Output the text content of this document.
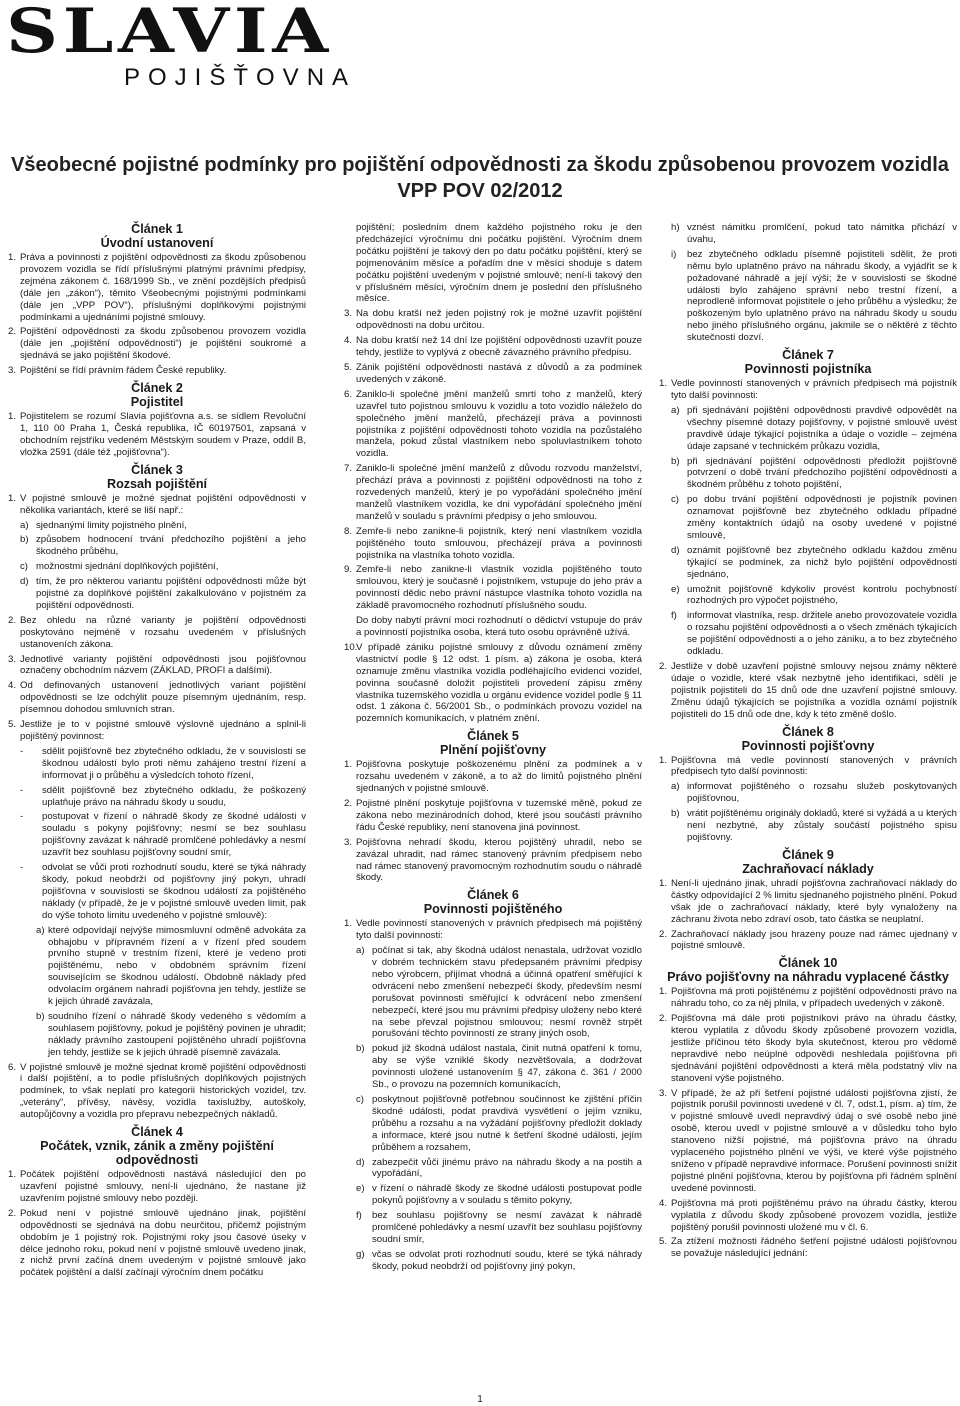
SLAVIA
POJIŠŤOVNA
Všeobecné pojistné podmínky pro pojištění odpovědnosti za škodu způsobenou provozem vozidla
VPP POV 02/2012
Článek 1
Úvodní ustanovení
1. Práva a povinnosti z pojištění odpovědnosti za škodu způsobenou provozem vozidla se řídí příslušnými platnými právními předpisy, zejména zákonem č. 168/1999 Sb., ve znění pozdějších předpisů (dále jen „zákon“), těmito Všeobecnými pojistnými podmínkami (dále jen „VPP POV“), příslušnými doplňkovými pojistnými podmínkami a ujednáními pojistné smlouvy.
2. Pojištění odpovědnosti za škodu způsobenou provozem vozidla (dále jen „pojištění odpovědnosti“) je pojištění soukromé a sjednává se jako pojištění škodové.
3. Pojištění se řídí právním řádem České republiky.
Článek 2
Pojistitel
1. Pojistitelem se rozumí Slavia pojišťovna a.s. se sídlem Revoluční 1, 110 00 Praha 1, Česká republika, IČ 60197501, zapsaná v obchodním rejstříku vedeném Městským soudem v Praze, oddíl B, vložka 2591 (dále též „pojišťovna“).
Článek 3
Rozsah pojištění
1. V pojistné smlouvě je možné sjednat pojištění odpovědnosti v několika variantách, které se liší např.:
a) sjednanými limity pojistného plnění,
b) způsobem hodnocení trvání předchozího pojištění a jeho škodného průběhu,
c) možnostmi sjednání doplňkových pojištění,
d) tím, že pro některou variantu pojištění odpovědnosti může být pojistné za doplňkové pojištění zakalkulováno v pojistném za pojištění odpovědnosti.
2. Bez ohledu na různé varianty je pojištění odpovědnosti poskytováno nejméně v rozsahu uvedeném v příslušných ustanoveních zákona.
3. Jednotlivé varianty pojištění odpovědnosti jsou pojišťovnou označeny obchodním názvem (ZÁKLAD, PROFI a dalšími).
4. Od definovaných ustanovení jednotlivých variant pojištění odpovědnosti se lze odchýlit pouze písemným ujednáním, resp. písemnou dohodou smluvních stran.
5. Jestliže je to v pojistné smlouvě výslovně ujednáno a splnil-li pojištěný povinnost:
- sdělit pojišťovně bez zbytečného odkladu, že v souvislosti se škodnou událostí bylo proti němu zahájeno trestní řízení a informovat ji o průběhu a výsledcích tohoto řízení,
- sdělit pojišťovně bez zbytečného odkladu, že poškozený uplatňuje právo na náhradu škody u soudu,
- postupovat v řízení o náhradě škody ze škodné události v souladu s pokyny pojišťovny; nesmí se bez souhlasu pojišťovny zavázat k náhradě promlčené pohledávky a nesmí uzavřít bez souhlasu pojišťovny soudní smír,
- odvolat se vůči proti rozhodnutí soudu, které se týká náhrady škody, pokud neobdrží od pojišťovny jiný pokyn, uhradí pojišťovna v souvislosti se škodnou událostí za pojištěného náklady (v případě, že je v pojistné smlouvě uveden limit, pak do výše tohoto limitu uvedeného v pojistné smlouvě):
a) které odpovídají nejvýše mimosmluvní odměně advokáta za obhajobu v přípravném řízení a v řízení před soudem prvního stupně v trestním řízení, které je vedeno proti pojištěnému, nebo v obdobném správním řízení souvisejícím se škodnou událostí. Obdobně náklady před odvolacím orgánem nahradí pojišťovna jen tehdy, jestliže se k jejich úhradě zavázala,
b) soudního řízení o náhradě škody vedeného s vědomím a souhlasem pojišťovny, pokud je pojištěný povinen je uhradit; náklady právního zastoupení pojištěného uhradí pojišťovna jen tehdy, jestliže se k jejich úhradě písemně zavázala.
6. V pojistné smlouvě je možné sjednat kromě pojištění odpovědnosti i další pojištění, a to podle příslušných doplňkových pojistných podmínek, to však neplatí pro kategorii historických vozidel, tzv. „veterány“, přívěsy, návěsy, vozidla taxislužby, autoškoly, autopůjčovny a vozidla pro přepravu nebezpečných nákladů.
Článek 4
Počátek, vznik, zánik a změny pojištění odpovědnosti
1. Počátek pojištění odpovědnosti nastává následující den po uzavření pojistné smlouvy, není-li ujednáno, že nastane již uzavřením pojistné smlouvy nebo později.
2. Pokud není v pojistné smlouvě ujednáno jinak, pojištění odpovědnosti se sjednává na dobu neurčitou, přičemž pojistným obdobím je 1 pojistný rok. Pojistnými roky jsou časové úseky v délce jednoho roku, pokud není v pojistné smlouvě uvedeno jinak, z nichž první začíná dnem uvedeným v pojistné smlouvě jako počátek pojištění a další začínají výročním dnem počátku
pojištění; posledním dnem každého pojistného roku je den předcházející výročnímu dni počátku pojištění. Výročním dnem počátku pojištění je takový den po datu počátku pojištění, který se pojmenováním měsíce a pořadím dne v měsíci shoduje s datem počátku pojištění uvedeným v pojistné smlouvě; není-li takový den v příslušném měsíci, výročním dnem je poslední den příslušného měsíce.
3. Na dobu kratší než jeden pojistný rok je možné uzavřít pojištění odpovědnosti na dobu určitou.
4. Na dobu kratší než 14 dní lze pojištění odpovědnosti uzavřít pouze tehdy, jestliže to vyplývá z obecně závazného právního předpisu.
5. Zánik pojištění odpovědnosti nastává z důvodů a za podmínek uvedených v zákoně.
6. Zaniklo-li společné jmění manželů smrtí toho z manželů, který uzavřel tuto pojistnou smlouvu k vozidlu a toto vozidlo náleželo do společného jmění manželů, přecházejí práva a povinnosti pojistníka z pojištění odpovědnosti tohoto vozidla na pozůstalého manžela, pokud zůstal vlastníkem nebo spoluvlastníkem tohoto vozidla.
7. Zaniklo-li společné jmění manželů z důvodu rozvodu manželství, přechází práva a povinnosti z pojištění odpovědnosti na toho z rozvedených manželů, který je po vypořádání společného jmění manželů vlastníkem vozidla, ke dni vypořádání společného jmění manželů v souladu s právními předpisy o jeho smlouvou.
8. Zemře-li nebo zanikne-li pojistník, který není vlastníkem vozidla pojištěného touto smlouvou, přecházejí práva a povinnosti pojistníka na vlastníka tohoto vozidla.
9. Zemře-li nebo zanikne-li vlastník vozidla pojištěného touto smlouvou, který je současně i pojistníkem, vstupuje do jeho práv a povinností dědic nebo právní nástupce vlastníka tohoto vozidla na základě pravomocného rozhodnutí příslušného soudu.
Do doby nabytí právní moci rozhodnutí o dědictví vstupuje do práv a povinností pojistníka osoba, která tuto osobu oprávněně užívá.
10.
V případě zániku pojistné smlouvy z důvodu oznámení změny vlastnictví podle § 12 odst. 1 písm. a) zákona je osoba, která oznamuje změnu vlastníka vozidla podléhajícího evidenci vozidel, povinna současně doložit pojistiteli provedení zápisu změny vlastníka tuzemského vozidla u orgánu evidence vozidel podle § 11 odst. 1 zákona č. 56/2001 Sb., o podmínkách provozu vozidel na pozemních komunikacích, v platném znění.
Článek 5
Plnění pojišťovny
1. Pojišťovna poskytuje poškozenému plnění za podmínek a v rozsahu uvedeném v zákoně, a to až do limitů pojistného plnění sjednaných v pojistné smlouvě.
2. Pojistné plnění poskytuje pojišťovna v tuzemské měně, pokud ze zákona nebo mezinárodních dohod, které jsou součástí právního řádu České republiky, není stanovena jiná povinnost.
3. Pojišťovna nehradí škodu, kterou pojištěný uhradil, nebo se zavázal uhradit, nad rámec stanovený právním předpisem nebo nad rámec stanovený pravomocným rozhodnutím soudu o náhradě škody.
Článek 6
Povinnosti pojištěného
1. Vedle povinností stanovených v právních předpisech má pojištěný tyto další povinnosti:
a) počínat si tak, aby škodná událost nenastala, udržovat vozidlo v dobrém technickém stavu předepsaném právními předpisy nebo výrobcem, přijímat vhodná a účinná opatření směřující k odvrácení nebo zmenšení nebezpečí škody, především nesmí porušovat povinnosti směřující k odvrácení nebo zmenšení nebezpečí, které jsou mu právními předpisy uloženy nebo které na sebe převzal pojistnou smlouvou; nesmí rovněž strpět porušování těchto povinností ze strany jiných osob,
b) pokud již škodná událost nastala, činit nutná opatření k tomu, aby se výše vzniklé škody nezvětšovala, a dodržovat povinnosti uložené ustanovením § 47, zákona č. 361 / 2000 Sb., o provozu na pozemních komunikacích,
c) poskytnout pojišťovně potřebnou součinnost ke zjištění příčin škodné události, podat pravdivá vysvětlení o jejím vzniku, průběhu a rozsahu a na vyžádání pojišťovny předložit doklady a informace, které jsou nutné k šetření škodné události, jejím průběhem a rozsahem,
d) zabezpečit vůči jinému právo na náhradu škody a na postih a vypořádání,
e) v řízení o náhradě škody ze škodné události postupovat podle pokynů pojišťovny a v souladu s těmito pokyny,
f) bez souhlasu pojišťovny se nesmí zavázat k náhradě promlčené pohledávky a nesmí uzavřít bez souhlasu pojišťovny soudní smír,
g) včas se odvolat proti rozhodnutí soudu, které se týká náhrady škody, pokud neobdrží od pojišťovny jiný pokyn,
h) vznést námitku promlčení, pokud tato námitka přichází v úvahu,
i) bez zbytečného odkladu písemně pojistiteli sdělit, že proti němu bylo uplatněno právo na náhradu škody, a vyjádřit se k požadované náhradě a její výši; že v souvislosti se škodné události bylo zahájeno správní nebo trestní řízení, a neprodleně informovat pojistitele o jeho průběhu a výsledku; že poškozeným bylo uplatněno právo na náhradu škody u soudu nebo jiného příslušného orgánu, jakmile se o něktěré z těchto skutečností dozví.
Článek 7
Povinnosti pojistníka
1. Vedle povinností stanovených v právních předpisech má pojistník tyto další povinnosti:
a) při sjednávání pojištění odpovědnosti pravdivě odpovědět na všechny písemné dotazy pojišťovny, v pojistné smlouvě uvést pravdivě údaje týkající pojistníka a údaje o vozidle – zejména údaje zapsané v technickém průkazu vozidla,
b) při sjednávání pojištění odpovědnosti předložit pojišťovně potvrzení o době trvání předchozího pojištění odpovědnosti a škodném průběhu z tohoto pojištění,
c) po dobu trvání pojištění odpovědnosti je pojistník povinen oznamovat pojišťovně bez zbytečného odkladu případné změny kontaktních údajů na osoby uvedené v pojistné smlouvě,
d) oznámit pojišťovně bez zbytečného odkladu každou změnu týkající se podmínek, za nichž bylo pojištění odpovědnosti sjednáno,
e) umožnit pojišťovně kdykoliv provést kontrolu pochybností rozhodných pro výpočet pojistného,
f) informovat vlastníka, resp. držitele anebo provozovatele vozidla o rozsahu pojištění odpovědnosti a o všech změnách týkajících se pojištění odpovědnosti a o jeho zániku, a to bez zbytečného odkladu.
2. Jestliže v době uzavření pojistné smlouvy nejsou známy některé údaje o vozidle, které však nezbytně jeho identifikaci, sdělí je pojistník pojistiteli do 15 dnů ode dne uzavření pojistné smlouvy. Změnu údajů týkajících se pojistníka a vozidla oznámí pojistník pojistiteli do 15 dnů ode dne, kdy k této změně došlo.
Článek 8
Povinnosti pojišťovny
1. Pojišťovna má vedle povinností stanovených v právních předpisech tyto další povinnosti:
a) informovat pojištěného o rozsahu služeb poskytovaných pojišťovnou,
b) vrátit pojištěnému originály dokladů, které si vyžádá a u kterých není nezbytné, aby zůstaly součástí pojistného spisu pojišťovny.
Článek 9
Zachraňovací náklady
1. Není-li ujednáno jinak, uhradí pojišťovna zachraňovací náklady do částky odpovídající 2 % limitu sjednaného pojistného plnění. Pokud však jde o zachraňovací náklady, které byly vynaloženy na záchranu života nebo zdraví osob, tato částka se neuplatní.
2. Zachraňovací náklady jsou hrazeny pouze nad rámec ujednaný v pojistné smlouvě.
Článek 10
Právo pojišťovny na náhradu vyplacené částky
1. Pojišťovna má proti pojištěnému z pojištění odpovědnosti právo na náhradu toho, co za něj plnila, v případech uvedených v zákoně.
2. Pojišťovna má dále proti pojistníkovi právo na úhradu částky, kterou vyplatila z důvodu škody způsobené provozem vozidla, jestliže příčinou této škody byla skutečnost, kterou pro vědomě nepravdivé nebo neúplné odpovědi neshledala pojišťovna při sjednávání pojištění odpovědnosti a která měla podstatný vliv na stanovení výše pojistného.
3. V případě, že až při šetření pojistné události pojišťovna zjistí, že pojistník porušil povinnosti uvedené v čl. 7, odst.1, písm. a) tím, že v pojistné smlouvě uvedl nepravdivý údaj o své osobě nebo jiné osobě, kterou uvedl v pojistné smlouvě a v důsledku toho bylo stanoveno nižší pojistné, má pojišťovna právo na úhradu vyplaceného pojistného plnění ve výši, ve které výše pojistného sníženo v případě nepravdivé informace. Porušení povinnosti snížit pojistné plnění pojišťovna, kterou by pojišťovna při řádném splnění uvedené povinnosti.
4. Pojišťovna má proti pojištěnému právo na úhradu částky, kterou vyplatila z důvodu škody způsobené provozem vozidla, jestliže pojištěný porušil povinnosti uložené mu v čl. 6.
5. Za ztížení možnosti řádného šetření pojistné události pojišťovnou se považuje následující jednání:
1
